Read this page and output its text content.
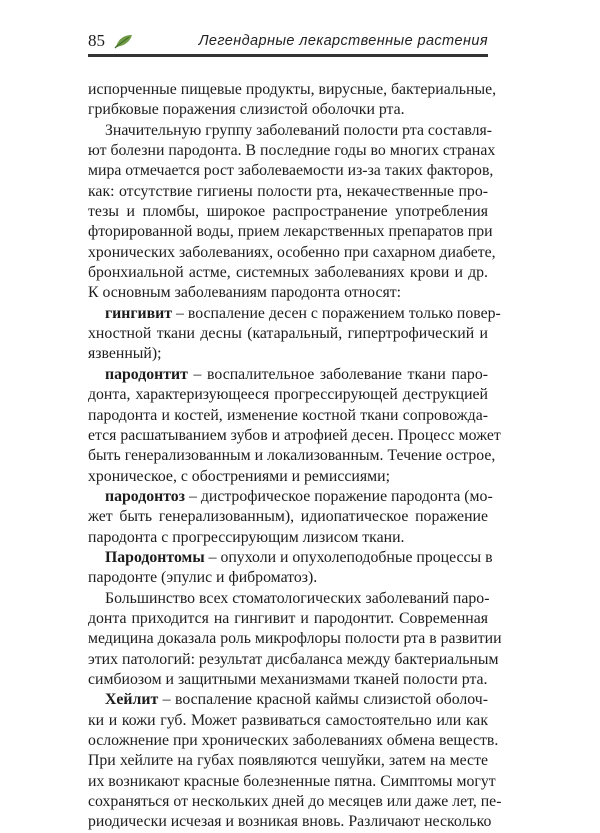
85	Легендарные лекарственные растения

испорченные пищевые продукты, вирусные, бактериальные,
грибковые поражения слизистой оболочки рта.

Значительную группу заболеваний полости рта составля-
ют болезни пародонта. В последние годы во многих странах
мира отмечается рост заболеваемости из-за таких факторов,
как: отсутствие гигиены полости рта, некачественные про-
тезы и пломбы, широкое распространение употребления
фторированной воды, прием лекарственных препаратов при
хронических заболеваниях, особенно при сахарном диабете,
бронхиальной астме, системных заболеваниях крови и др.
К основным заболеваниям пародонта относят:

гингивит – воспаление десен с поражением только повер-
хностной ткани десны (катаральный, гипертрофический и
язвенный);

пародонтит – воспалительное заболевание ткани паро-
донта, характеризующееся прогрессирующей деструкцией
пародонта и костей, изменение костной ткани сопровожда-
ется расшатыванием зубов и атрофией десен. Процесс может
быть генерализованным и локализованным. Течение острое,
хроническое, с обострениями и ремиссиями;

пародонтоз – дистрофическое поражение пародонта (мо-
жет быть генерализованным), идиопатическое поражение
пародонта с прогрессирующим лизисом ткани.

Пародонтомы – опухоли и опухолеподобные процессы в
пародонте (эпулис и фиброматоз).

Большинство всех стоматологических заболеваний паро-
донта приходится на гингивит и пародонтит. Современная
медицина доказала роль микрофлоры полости рта в развитии
этих патологий: результат дисбаланса между бактериальным
симбиозом и защитными механизмами тканей полости рта.

Хейлит – воспаление красной каймы слизистой оболоч-
ки и кожи губ. Может развиваться самостоятельно или как
осложнение при хронических заболеваниях обмена веществ.
При хейлите на губах появляются чешуйки, затем на месте
их возникают красные болезненные пятна. Симптомы могут
сохраняться от нескольких дней до месяцев или даже лет, пе-
риодически исчезая и возникая вновь. Различают несколько
